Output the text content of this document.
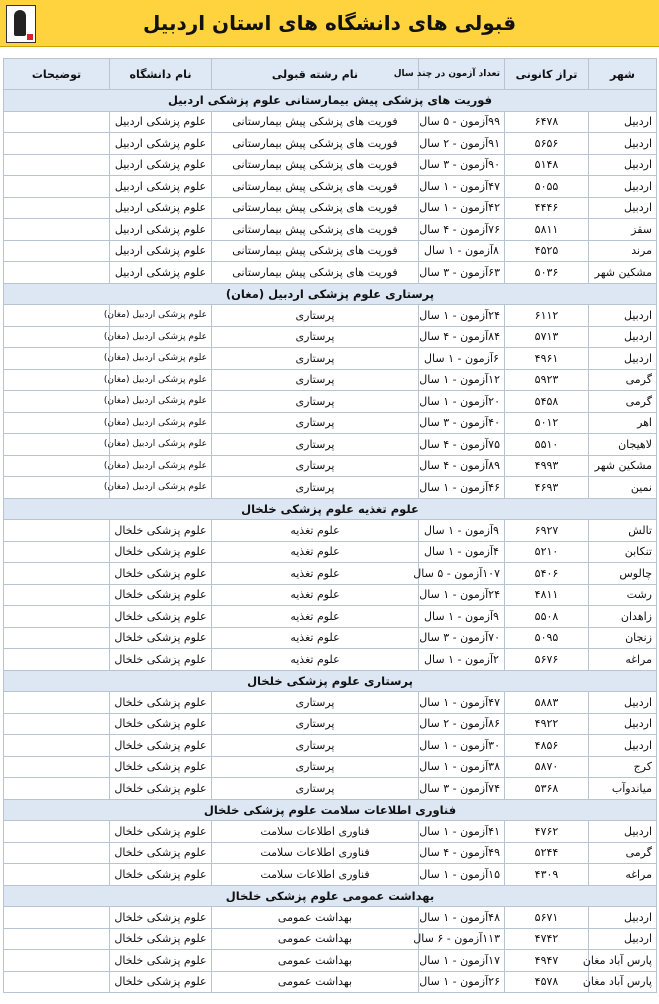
قبولی های دانشگاه های استان اردبیل
شهر	تراز کانونی	تعداد آزمون در چند سال	نام رشته قبولی	نام دانشگاه	توضیحات
فوریت های پزشکی پیش بیمارستانی علوم پزشکی اردبیل					
اردبیل	۶۴۷۸	۹۹آزمون - ۵ سال	فوریت های پزشکی پیش بیمارستانی	علوم پزشکی اردبیل	
اردبیل	۵۶۵۶	۹۱آزمون - ۲ سال	فوریت های پزشکی پیش بیمارستانی	علوم پزشکی اردبیل	
اردبیل	۵۱۴۸	۹۰آزمون - ۳ سال	فوریت های پزشکی پیش بیمارستانی	علوم پزشکی اردبیل	
اردبیل	۵۰۵۵	۴۷آزمون - ۱ سال	فوریت های پزشکی پیش بیمارستانی	علوم پزشکی اردبیل	
اردبیل	۴۴۴۶	۴۲آزمون - ۱ سال	فوریت های پزشکی پیش بیمارستانی	علوم پزشکی اردبیل	
سقز	۵۸۱۱	۷۶آزمون - ۴ سال	فوریت های پزشکی پیش بیمارستانی	علوم پزشکی اردبیل	
مرند	۴۵۲۵	۸آزمون - ۱ سال	فوریت های پزشکی پیش بیمارستانی	علوم پزشکی اردبیل	
مشکین شهر	۵۰۳۶	۶۳آزمون - ۳ سال	فوریت های پزشکی پیش بیمارستانی	علوم پزشکی اردبیل	
پرستاری علوم پزشکی اردبیل (مغان)					
اردبیل	۶۱۱۲	۲۴آزمون - ۱ سال	پرستاری	علوم پزشکی اردبیل (مغان)	
اردبیل	۵۷۱۳	۸۴آزمون - ۴ سال	پرستاری	علوم پزشکی اردبیل (مغان)	
اردبیل	۴۹۶۱	۶آزمون - ۱ سال	پرستاری	علوم پزشکی اردبیل (مغان)	
گرمی	۵۹۲۳	۱۲آزمون - ۱ سال	پرستاری	علوم پزشکی اردبیل (مغان)	
گرمی	۵۴۵۸	۲۰آزمون - ۱ سال	پرستاری	علوم پزشکی اردبیل (مغان)	
اهر	۵۰۱۲	۴۰آزمون - ۳ سال	پرستاری	علوم پزشکی اردبیل (مغان)	
لاهیجان	۵۵۱۰	۷۵آزمون - ۴ سال	پرستاری	علوم پزشکی اردبیل (مغان)	
مشکین شهر	۴۹۹۳	۸۹آزمون - ۴ سال	پرستاری	علوم پزشکی اردبیل (مغان)	
نمین	۴۶۹۳	۴۶آزمون - ۱ سال	پرستاری	علوم پزشکی اردبیل (مغان)	
علوم تغذیه علوم پزشکی خلخال					
تالش	۶۹۲۷	۹آزمون - ۱ سال	علوم تغذیه	علوم پزشکی خلخال	
تنکابن	۵۲۱۰	۴آزمون - ۱ سال	علوم تغذیه	علوم پزشکی خلخال	
چالوس	۵۴۰۶	۱۰۷آزمون - ۵ سال	علوم تغذیه	علوم پزشکی خلخال	
رشت	۴۸۱۱	۲۴آزمون - ۱ سال	علوم تغذیه	علوم پزشکی خلخال	
زاهدان	۵۵۰۸	۹آزمون - ۱ سال	علوم تغذیه	علوم پزشکی خلخال	
زنجان	۵۰۹۵	۷۰آزمون - ۳ سال	علوم تغذیه	علوم پزشکی خلخال	
مراغه	۵۶۷۶	۲آزمون - ۱ سال	علوم تغذیه	علوم پزشکی خلخال	
پرستاری علوم پزشکی خلخال					
اردبیل	۵۸۸۳	۴۷آزمون - ۱ سال	پرستاری	علوم پزشکی خلخال	
اردبیل	۴۹۲۲	۸۶آزمون - ۲ سال	پرستاری	علوم پزشکی خلخال	
اردبیل	۴۸۵۶	۳۰آزمون - ۱ سال	پرستاری	علوم پزشکی خلخال	
کرج	۵۸۷۰	۳۸آزمون - ۱ سال	پرستاری	علوم پزشکی خلخال	
میاندوآب	۵۳۶۸	۷۴آزمون - ۳ سال	پرستاری	علوم پزشکی خلخال	
فناوری اطلاعات سلامت علوم پزشکی خلخال					
اردبیل	۴۷۶۲	۴۱آزمون - ۱ سال	فناوری اطلاعات سلامت	علوم پزشکی خلخال	
گرمی	۵۲۴۴	۴۹آزمون - ۴ سال	فناوری اطلاعات سلامت	علوم پزشکی خلخال	
مراغه	۴۳۰۹	۱۵آزمون - ۱ سال	فناوری اطلاعات سلامت	علوم پزشکی خلخال	
بهداشت عمومی علوم پزشکی خلخال					
اردبیل	۵۶۷۱	۴۸آزمون - ۱ سال	بهداشت عمومی	علوم پزشکی خلخال	
اردبیل	۴۷۴۲	۱۱۳آزمون - ۶ سال	بهداشت عمومی	علوم پزشکی خلخال	
پارس آباد مغان	۴۹۴۷	۱۷آزمون - ۱ سال	بهداشت عمومی	علوم پزشکی خلخال	
پارس آباد مغان	۴۵۷۸	۲۶آزمون - ۱ سال	بهداشت عمومی	علوم پزشکی خلخال	
